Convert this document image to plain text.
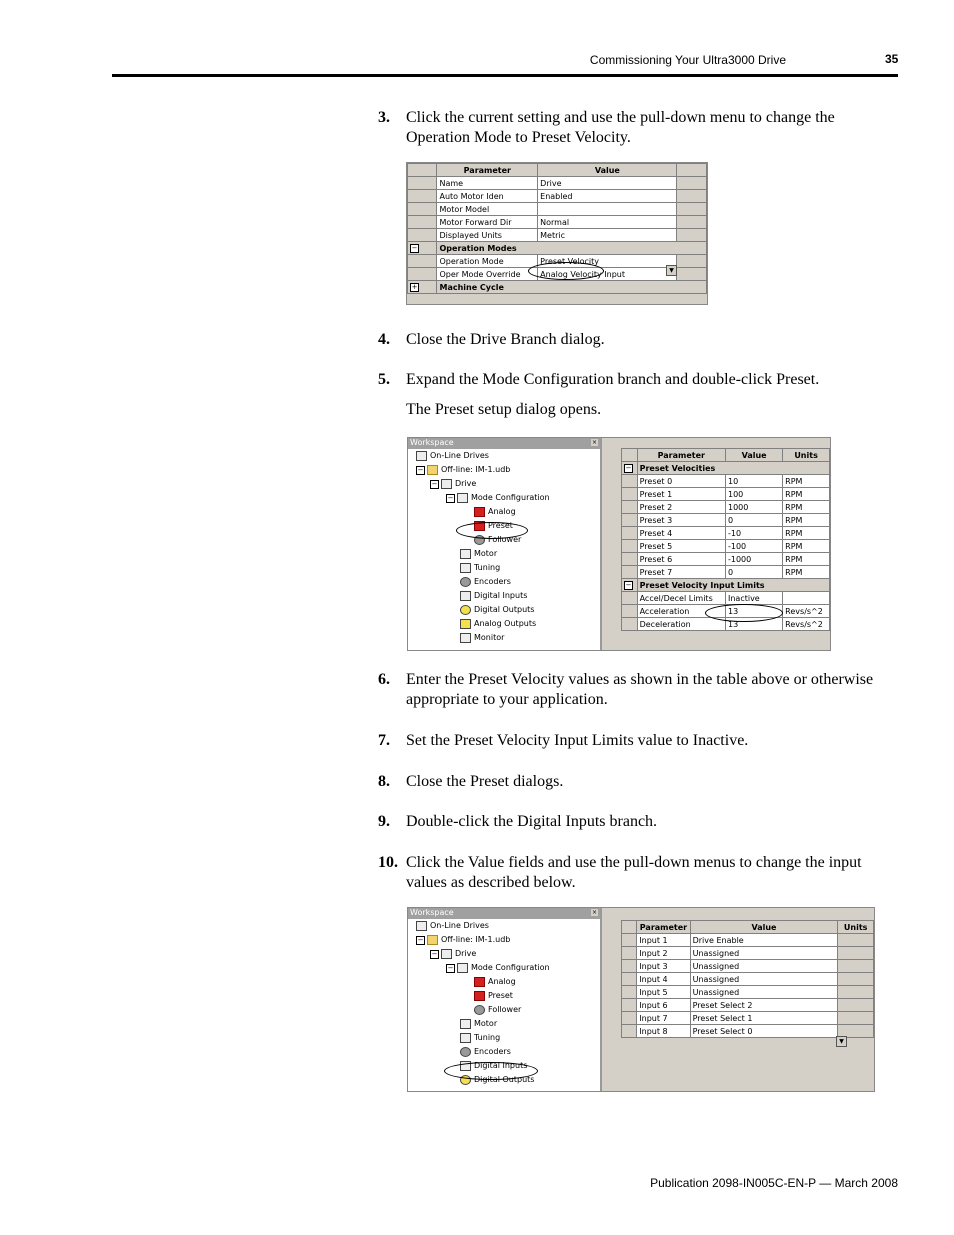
Commissioning Your Ultra3000 Drive	35
3. Click the current setting and use the pull-down menu to change the Operation Mode to Preset Velocity.
	Parameter	Value	
	Name	Drive	
	Auto Motor Iden	Enabled	
	Motor Model		
	Motor Forward Dir	Normal	
	Displayed Units	Metric	
−	Operation Modes		
	Operation Mode	Preset Velocity	
	Oper Mode Override	Analog Velocity Input	
+	Machine Cycle		
▼
4. Close the Drive Branch dialog.
5. Expand the Mode Configuration branch and double-click Preset.
The Preset setup dialog opens.
Workspace	×
On-Line Drives
− Off-line: IM-1.udb
− Drive
− Mode Configuration
Analog
Preset
Follower
Motor
Tuning
Encoders
Digital Inputs
Digital Outputs
Analog Outputs
Monitor
	Parameter	Value	Units
−	Preset Velocities		
	Preset 0	10	RPM
	Preset 1	100	RPM
	Preset 2	1000	RPM
	Preset 3	0	RPM
	Preset 4	-10	RPM
	Preset 5	-100	RPM
	Preset 6	-1000	RPM
	Preset 7	0	RPM
−	Preset Velocity Input Limits		
	Accel/Decel Limits	Inactive	
	Acceleration	13	Revs/s^2
	Deceleration	13	Revs/s^2
6. Enter the Preset Velocity values as shown in the table above or otherwise appropriate to your application.
7. Set the Preset Velocity Input Limits value to Inactive.
8. Close the Preset dialogs.
9. Double-click the Digital Inputs branch.
10. Click the Value fields and use the pull-down menus to change the input values as described below.
Workspace	×
On-Line Drives
− Off-line: IM-1.udb
− Drive
− Mode Configuration
Analog
Preset
Follower
Motor
Tuning
Encoders
Digital Inputs
Digital Outputs
	Parameter	Value	Units
	Input 1	Drive Enable	
	Input 2	Unassigned	
	Input 3	Unassigned	
	Input 4	Unassigned	
	Input 5	Unassigned	
	Input 6	Preset Select 2	
	Input 7	Preset Select 1	
	Input 8	Preset Select 0	
▼
Publication 2098-IN005C-EN-P — March 2008
